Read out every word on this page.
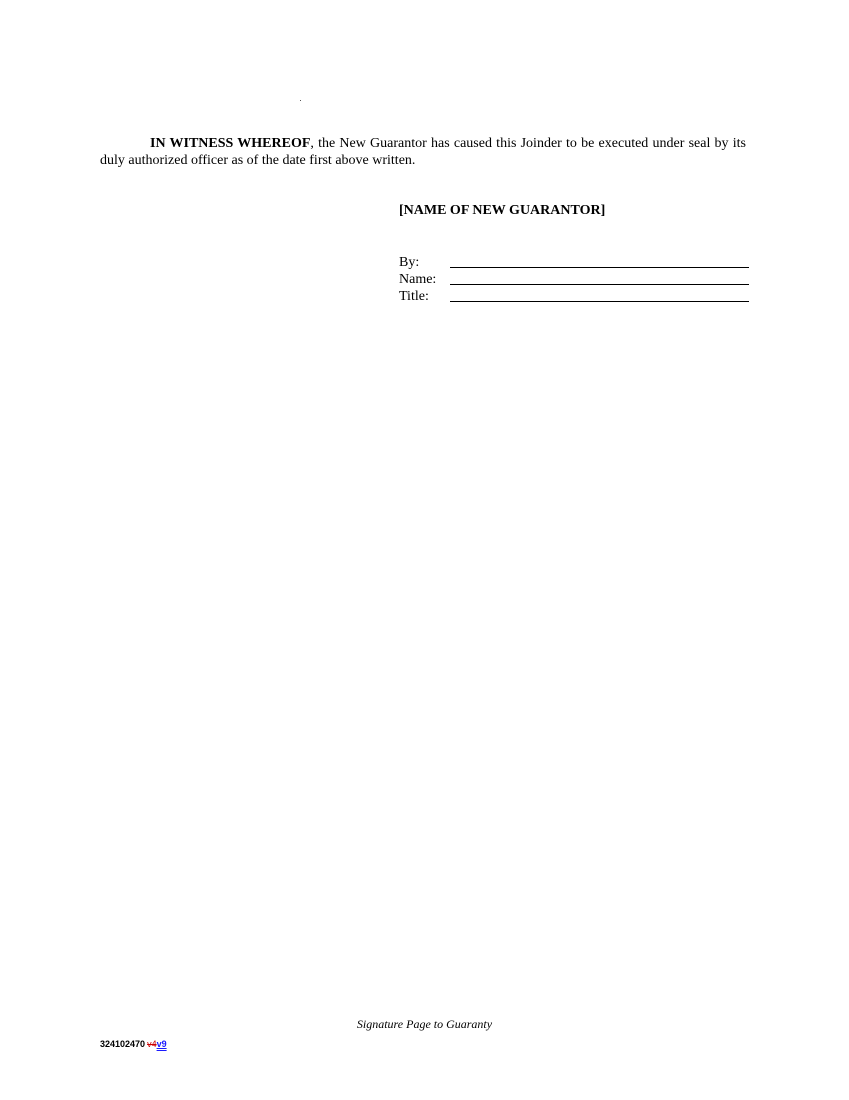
IN WITNESS WHEREOF, the New Guarantor has caused this Joinder to be executed under seal by its duly authorized officer as of the date first above written.

[NAME OF NEW GUARANTOR]

By:
Name:
Title:
Signature Page to Guaranty
324102470 v4v9
